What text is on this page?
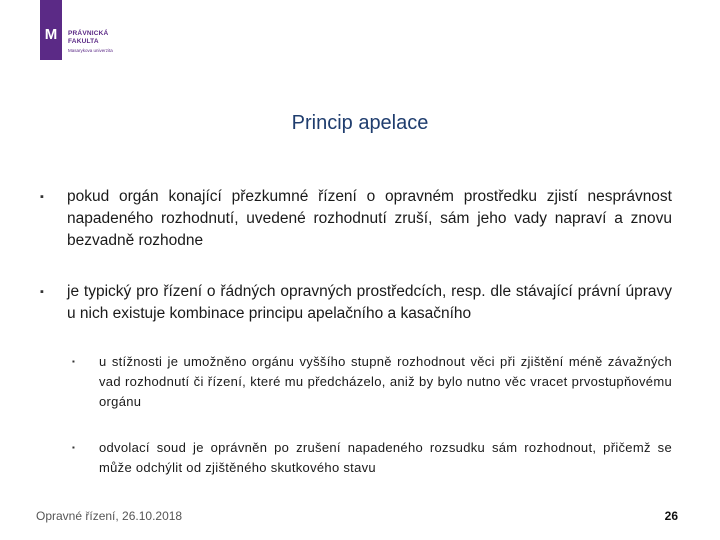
M	PRÁVNICKÁ
FAKULTA
Masarykova univerzita
Princip apelace
▪ pokud orgán konající přezkumné řízení o opravném prostředku zjistí nesprávnost napadeného rozhodnutí, uvedené rozhodnutí zruší, sám jeho vady napraví a znovu bezvadně rozhodne
▪ je typický pro řízení o řádných opravných prostředcích, resp. dle stávající právní úpravy u nich existuje kombinace principu apelačního a kasačního
▪ u stížnosti je umožněno orgánu vyššího stupně rozhodnout věci při zjištění méně závažných vad rozhodnutí či řízení, které mu předcházelo, aniž by bylo nutno věc vracet prvostupňovému orgánu
▪ odvolací soud je oprávněn po zrušení napadeného rozsudku sám rozhodnout, přičemž se může odchýlit od zjištěného skutkového stavu
Opravné řízení, 26.10.2018	26
